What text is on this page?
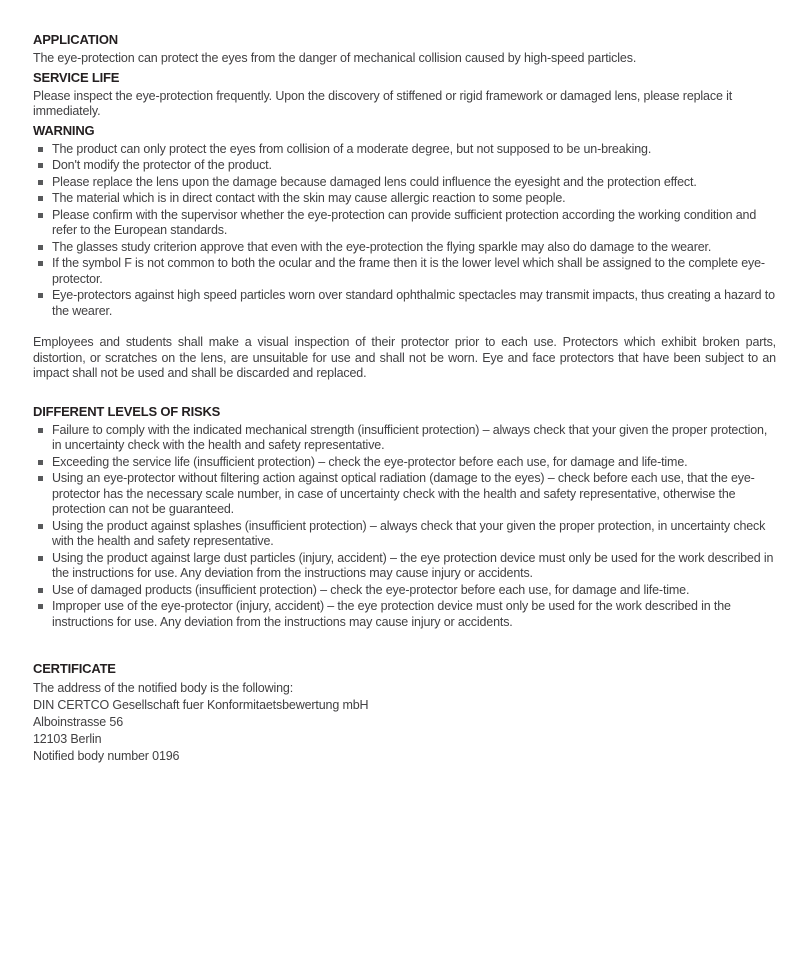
APPLICATION

The eye-protection can protect the eyes from the danger of mechanical collision caused by high-speed particles.

SERVICE LIFE

Please inspect the eye-protection frequently. Upon the discovery of stiffened or rigid framework or damaged lens, please replace it immediately.

WARNING
The product can only protect the eyes from collision of a moderate degree, but not supposed to be un-breaking.
Don't modify the protector of the product.
Please replace the lens upon the damage because damaged lens could influence the eyesight and the protection effect.
The material which is in direct contact with the skin may cause allergic reaction to some people.
Please confirm with the supervisor whether the eye-protection can provide sufficient protection according the working condition and refer to the European standards.
The glasses study criterion approve that even with the eye-protection the flying sparkle may also do damage to the wearer.
If the symbol F is not common to both the ocular and the frame then it is the lower level which shall be assigned to the complete eye-protector.
Eye-protectors against high speed particles worn over standard ophthalmic spectacles may transmit impacts, thus creating a hazard to the wearer.

Employees and students shall make a visual inspection of their protector prior to each use. Protectors which exhibit broken parts, distortion, or scratches on the lens, are unsuitable for use and shall not be worn. Eye and face protectors that have been subject to an impact shall not be used and shall be discarded and replaced.

DIFFERENT LEVELS OF RISKS
Failure to comply with the indicated mechanical strength (insufficient protection) – always check that your given the proper protection, in uncertainty check with the health and safety representative.
Exceeding the service life (insufficient protection) – check the eye-protector before each use, for damage and life-time.
Using an eye-protector without filtering action against optical radiation (damage to the eyes) – check before each use, that the eye-protector has the necessary scale number, in case of uncertainty check with the health and safety representative, otherwise the protection can not be guaranteed.
Using the product against splashes (insufficient protection) – always check that your given the proper protection, in uncertainty check with the health and safety representative.
Using the product against large dust particles (injury, accident) – the eye protection device must only be used for the work described in the instructions for use. Any deviation from the instructions may cause injury or accidents.
Use of damaged products (insufficient protection) – check the eye-protector before each use, for damage and life-time.
Improper use of the eye-protector (injury, accident) – the eye protection device must only be used for the work described in the instructions for use. Any deviation from the instructions may cause injury or accidents.
CERTIFICATE
The address of the notified body is the following:
DIN CERTCO Gesellschaft fuer Konformitaetsbewertung mbH
Alboinstrasse 56
12103 Berlin
Notified body number 0196
